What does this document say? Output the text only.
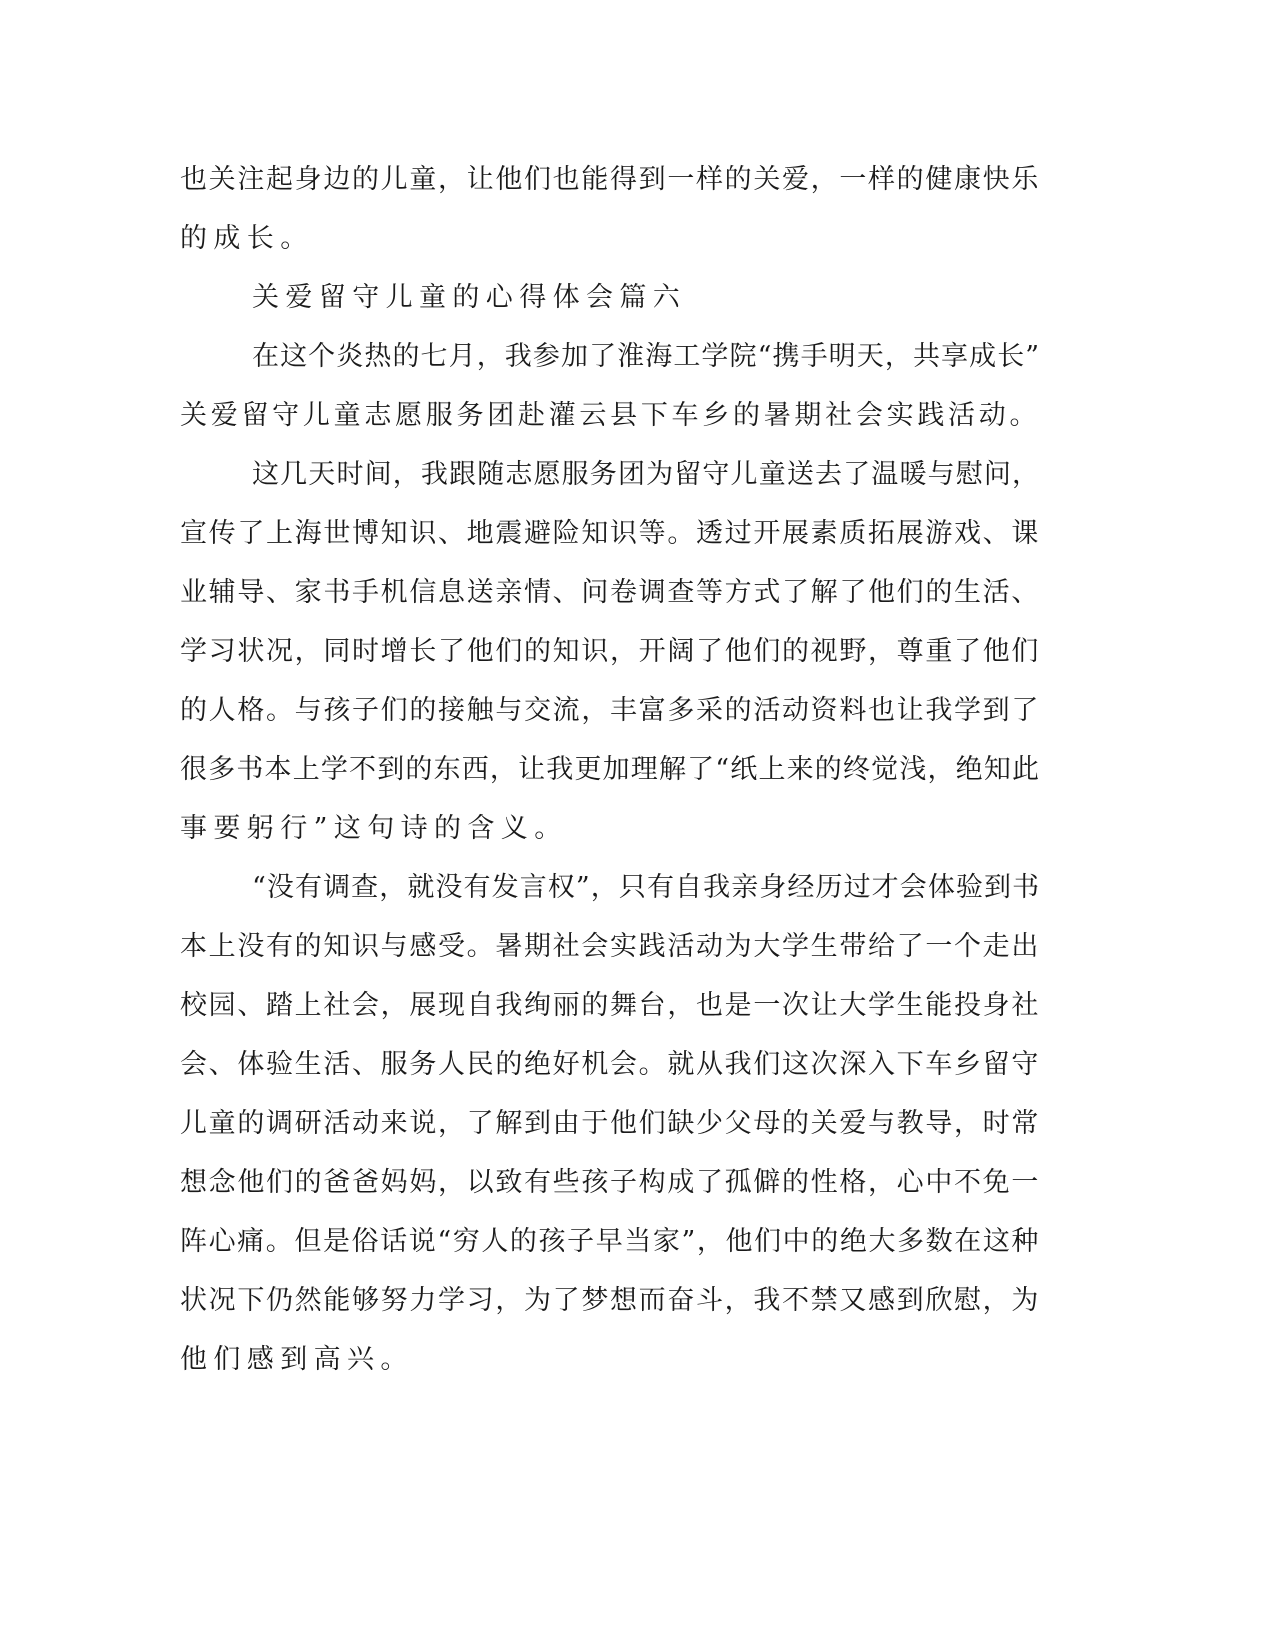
也关注起身边的儿童，让他们也能得到一样的关爱，一样的健康快乐

的成长。

关爱留守儿童的心得体会篇六

在这个炎热的七月，我参加了淮海工学院“携手明天，共享成长”

关爱留守儿童志愿服务团赴灌云县下车乡的暑期社会实践活动。

这几天时间，我跟随志愿服务团为留守儿童送去了温暖与慰问，

宣传了上海世博知识、地震避险知识等。透过开展素质拓展游戏、课

业辅导、家书手机信息送亲情、问卷调查等方式了解了他们的生活、

学习状况，同时增长了他们的知识，开阔了他们的视野，尊重了他们

的人格。与孩子们的接触与交流，丰富多采的活动资料也让我学到了

很多书本上学不到的东西，让我更加理解了“纸上来的终觉浅，绝知此

事要躬行”这句诗的含义。

“没有调查，就没有发言权”，只有自我亲身经历过才会体验到书

本上没有的知识与感受。暑期社会实践活动为大学生带给了一个走出

校园、踏上社会，展现自我绚丽的舞台，也是一次让大学生能投身社

会、体验生活、服务人民的绝好机会。就从我们这次深入下车乡留守

儿童的调研活动来说，了解到由于他们缺少父母的关爱与教导，时常

想念他们的爸爸妈妈，以致有些孩子构成了孤僻的性格，心中不免一

阵心痛。但是俗话说“穷人的孩子早当家”，他们中的绝大多数在这种

状况下仍然能够努力学习，为了梦想而奋斗，我不禁又感到欣慰，为

他们感到高兴。
